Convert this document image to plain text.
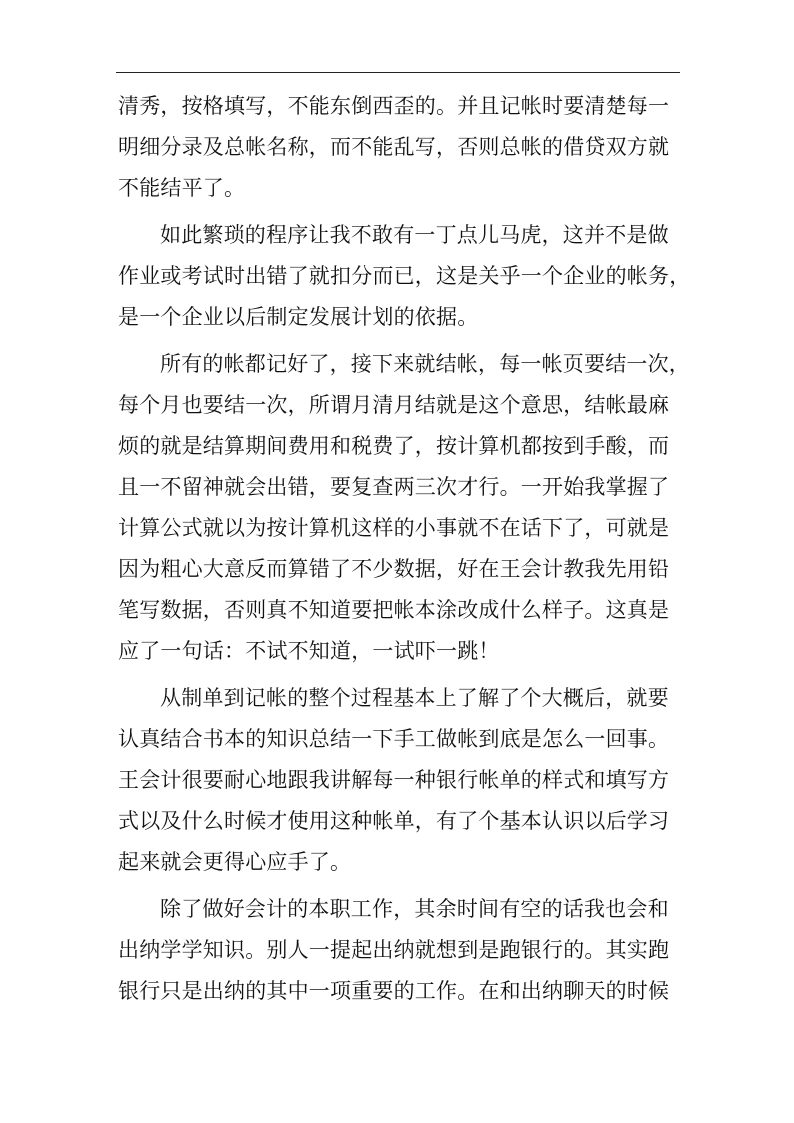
清秀，按格填写，不能东倒西歪的。并且记帐时要清楚每一
明细分录及总帐名称，而不能乱写，否则总帐的借贷双方就
不能结平了。
如此繁琐的程序让我不敢有一丁点儿马虎，这并不是做
作业或考试时出错了就扣分而已，这是关乎一个企业的帐务，
是一个企业以后制定发展计划的依据。
所有的帐都记好了，接下来就结帐，每一帐页要结一次，
每个月也要结一次，所谓月清月结就是这个意思，结帐最麻
烦的就是结算期间费用和税费了，按计算机都按到手酸，而
且一不留神就会出错，要复查两三次才行。一开始我掌握了
计算公式就以为按计算机这样的小事就不在话下了，可就是
因为粗心大意反而算错了不少数据，好在王会计教我先用铅
笔写数据，否则真不知道要把帐本涂改成什么样子。这真是
应了一句话：不试不知道，一试吓一跳！
从制单到记帐的整个过程基本上了解了个大概后，就要
认真结合书本的知识总结一下手工做帐到底是怎么一回事。
王会计很要耐心地跟我讲解每一种银行帐单的样式和填写方
式以及什么时候才使用这种帐单，有了个基本认识以后学习
起来就会更得心应手了。
除了做好会计的本职工作，其余时间有空的话我也会和
出纳学学知识。别人一提起出纳就想到是跑银行的。其实跑
银行只是出纳的其中一项重要的工作。在和出纳聊天的时候
